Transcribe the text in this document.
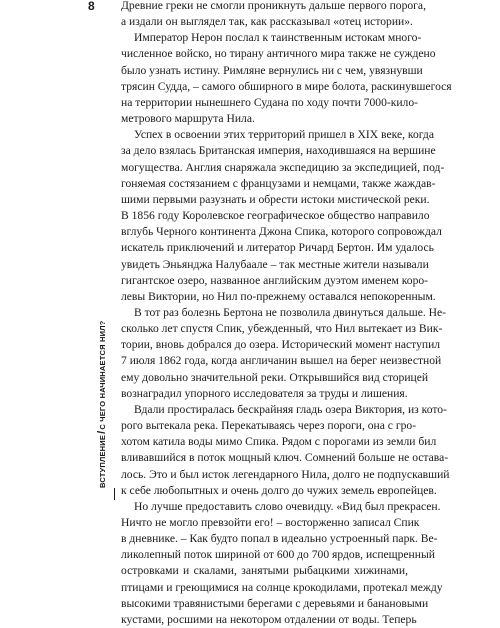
8
ВСТУПЛЕНИЕ/С ЧЕГО НАЧИНАЕТСЯ НИЛ?
Древние греки не смогли проникнуть дальше первого порога,
а издали он выглядел так, как рассказывал «отец истории».
Император Нерон послал к таинственным истокам много-
численное войско, но тирану античного мира также не суждено
было узнать истину. Римляне вернулись ни с чем, увязнувши
трясин Судда, – самого обширного в мире болота, раскинувшегося
на территории нынешнего Судана по ходу почти 7000-кило-
метрового маршрута Нила.
Успех в освоении этих территорий пришел в XIX веке, когда
за дело взялась Британская империя, находившаяся на вершине
могущества. Англия снаряжала экспедицию за экспедицией, под-
гоняемая состязанием с французами и немцами, также жаждав-
шими первыми разузнать и обрести истоки мистической реки.
В 1856 году Королевское географическое общество направило
вглубь Черного континента Джона Спика, которого сопровождал
искатель приключений и литератор Ричард Бертон. Им удалось
увидеть Эньянджа Налубаале – так местные жители называли
гигантское озеро, названное английским дуэтом именем коро-
левы Виктории, но Нил по-прежнему оставался непокоренным.
В тот раз болезнь Бертона не позволила двинуться дальше. Не-
сколько лет спустя Спик, убежденный, что Нил вытекает из Вик-
тории, вновь добрался до озера. Исторический момент наступил
7 июля 1862 года, когда англичанин вышел на берег неизвестной
ему довольно значительной реки. Открывшийся вид сторицей
вознаградил упорного исследователя за труды и лишения.
Вдали простиралась бескрайняя гладь озера Виктория, из кото-
рого вытекала река. Перекатываясь через пороги, она с гро-
хотом катила воды мимо Спика. Рядом с порогами из земли бил
вливавшийся в поток мощный ключ. Сомнений больше не остава-
лось. Это и был исток легендарного Нила, долго не подпускавший
к себе любопытных и очень долго до чужих земель европейцев.
Но лучше предоставить слово очевидцу. «Вид был прекрасен.
Ничто не могло превзойти его! – восторженно записал Спик
в дневнике. – Как будто попал в идеально устроенный парк. Ве-
ликолепный поток шириной от 600 до 700 ярдов, испещренный
островками и скалами, занятыми рыбацкими хижинами,
птицами и греющимися на солнце крокодилами, протекал между
высокими травянистыми берегами с деревьями и банановыми
кустами, росшими на некотором отдалении от воды. Теперь
